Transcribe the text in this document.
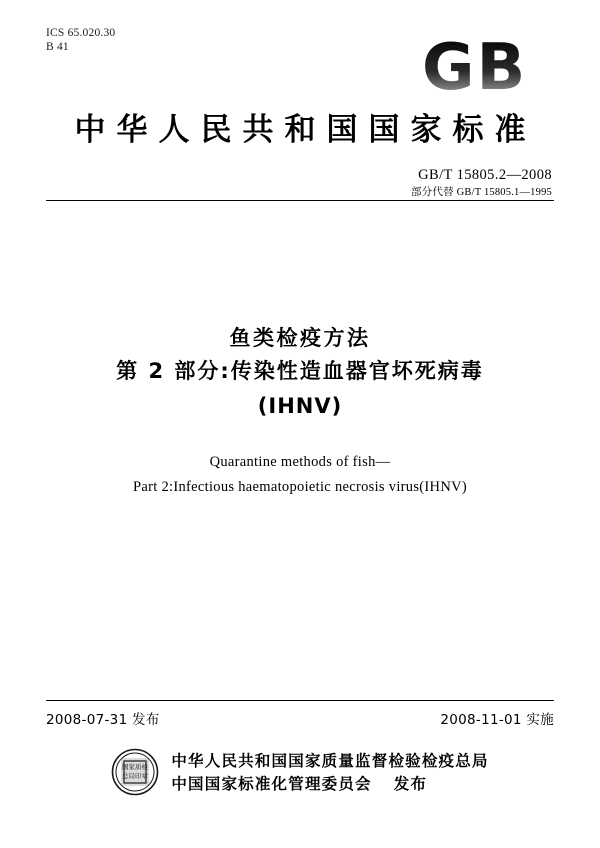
ICS 65.020.30
B 41	GB
中华人民共和国国家标准
GB/T 15805.2—2008
部分代替 GB/T 15805.1—1995
鱼类检疫方法
第 2 部分:传染性造血器官坏死病毒
(IHNV)
Quarantine methods of fish—
Part 2:Infectious haematopoietic necrosis virus(IHNV)
2008-07-31 发布	2008-11-01 实施
国家质检
总局印章
中华人民共和国国家质量监督检验检疫总局
中国国家标准化管理委员会 发布
